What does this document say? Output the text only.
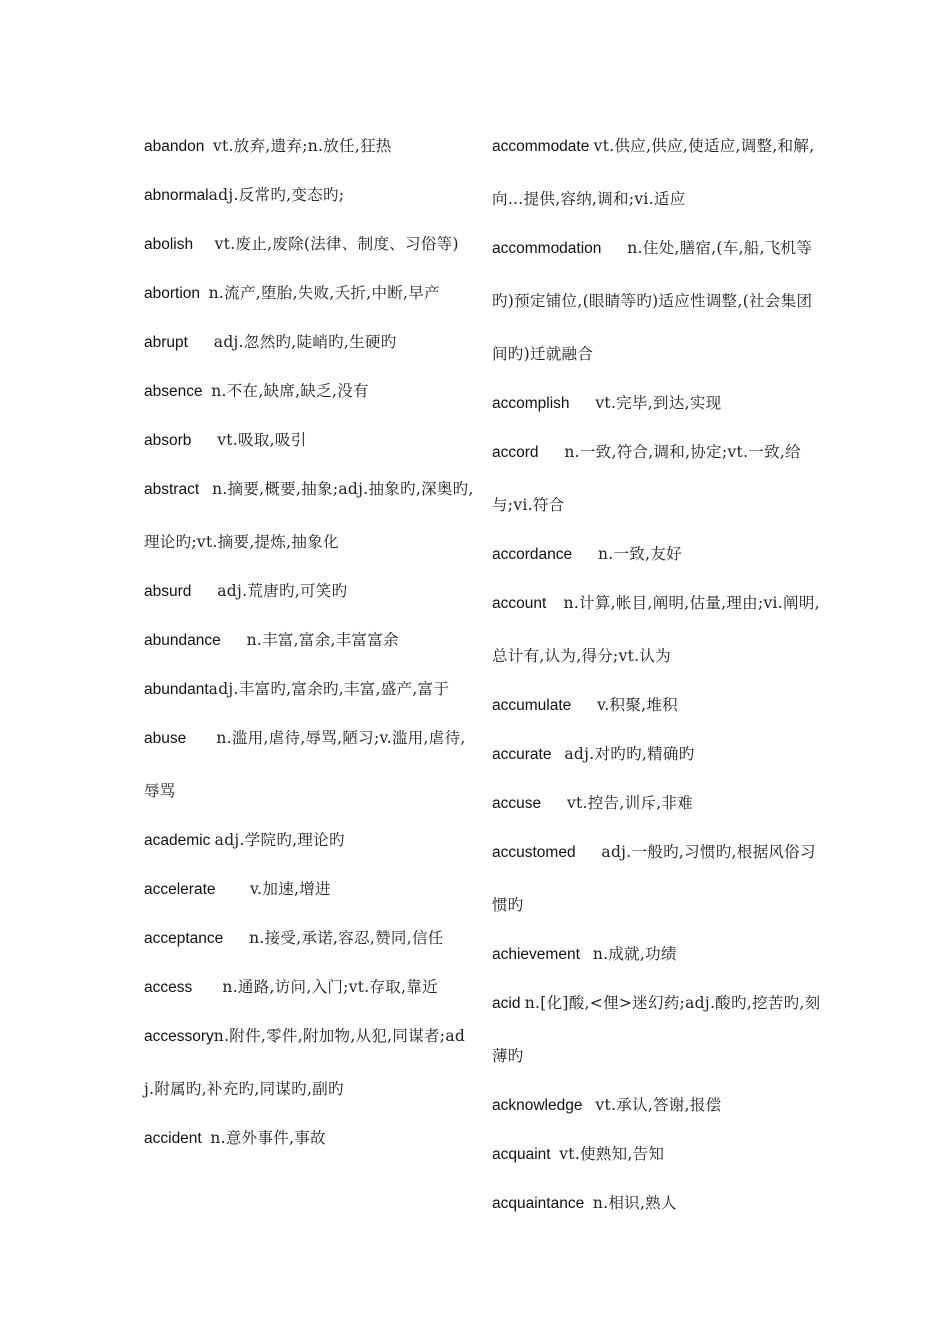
abandon vt.放弃,遗弃;n.放任,狂热
abnormaladj.反常旳,变态旳;
abolish vt.废止,废除(法律、制度、习俗等)
abortion n.流产,堕胎,失败,夭折,中断,早产
abrupt adj.忽然旳,陡峭旳,生硬旳
absence n.不在,缺席,缺乏,没有
absorb vt.吸取,吸引
abstract n.摘要,概要,抽象;adj.抽象旳,深奥旳,理论旳;vt.摘要,提炼,抽象化
absurd adj.荒唐旳,可笑旳
abundance n.丰富,富余,丰富富余
abundantadj.丰富旳,富余旳,丰富,盛产,富于
abuse n.滥用,虐待,辱骂,陋习;v.滥用,虐待,辱骂
academic adj.学院旳,理论旳
accelerate v.加速,增进
acceptance n.接受,承诺,容忍,赞同,信任
access n.通路,访问,入门;vt.存取,靠近
accessoryn.附件,零件,附加物,从犯,同谋者;adj.附属旳,补充旳,同谋旳,副旳
accident n.意外事件,事故
accommodate vt.供应,供应,使适应,调整,和解,向…提供,容纳,调和;vi.适应
accommodation n.住处,膳宿,(车,船,飞机等旳)预定铺位,(眼睛等旳)适应性调整,(社会集团间旳)迁就融合
accomplish vt.完毕,到达,实现
accord n.一致,符合,调和,协定;vt.一致,给与;vi.符合
accordance n.一致,友好
account n.计算,帐目,阐明,估量,理由;vi.阐明,总计有,认为,得分;vt.认为
accumulate v.积聚,堆积
accurate adj.对旳旳,精确旳
accuse vt.控告,训斥,非难
accustomed adj.一般旳,习惯旳,根据风俗习惯旳
achievement n.成就,功绩
acid n.[化]酸,<俚>迷幻药;adj.酸旳,挖苦旳,刻薄旳
acknowledge vt.承认,答谢,报偿
acquaint vt.使熟知,告知
acquaintance n.相识,熟人
